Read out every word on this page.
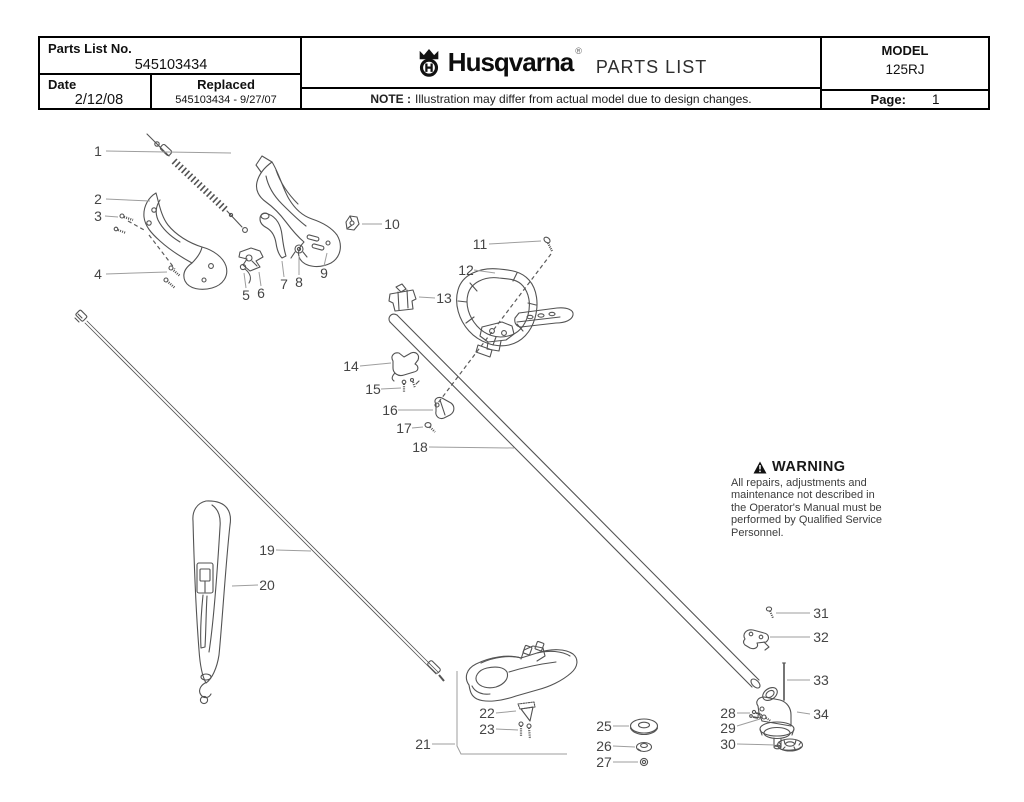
Parts List No.
545103434
Date
2/12/08
Replaced
545103434 - 9/27/07
Husqvarna ®
PARTS LIST
NOTE : Illustration may differ from actual model due to design changes.
MODEL
125RJ
Page: 1
WARNING
All repairs, adjustments and
maintenance not described in
the Operator's Manual must be
performed by Qualified Service
Personnel.
1
2
3
4
5 6
7 8
9
10
11
12
13
14
15
16
17
18
19
20
21
22
23	25
26
27
28
29
30
31
32
33
34
